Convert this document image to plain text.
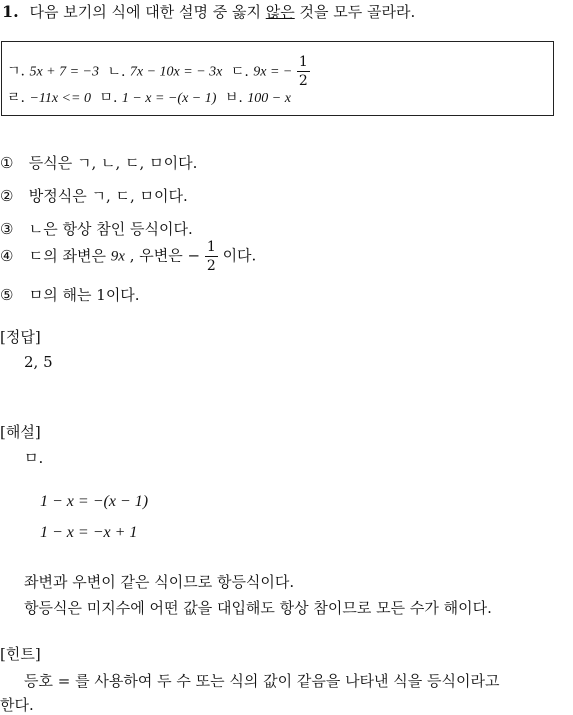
1. 다음 보기의 식에 대한 설명 중 옳지 않은 것을 모두 골라라.
ㄱ. 5x + 7 = −3 ㄴ. 7x − 10x = − 3x ㄷ. 9x = − $\frac{1}{2}$
ㄹ. −11x <= 0 ㅁ. 1 − x = −(x − 1) ㅂ. 100 − x
① 등식은 ㄱ, ㄴ, ㄷ, ㅁ이다.
② 방정식은 ㄱ, ㄷ, ㅁ이다.
③ ㄴ은 항상 참인 등식이다.
④ ㄷ의 좌변은 9x , 우변은 − $\frac{1}{2}$ 이다.
⑤ ㅁ의 해는 1이다.
[정답]
2, 5
[해설]
ㅁ.
1 − x = −(x − 1)
1 − x = −x + 1
좌변과 우변이 같은 식이므로 항등식이다.
항등식은 미지수에 어떤 값을 대입해도 항상 참이므로 모든 수가 해이다.
[힌트]
등호 = 를 사용하여 두 수 또는 식의 값이 같음을 나타낸 식을 등식이라고
한다.
